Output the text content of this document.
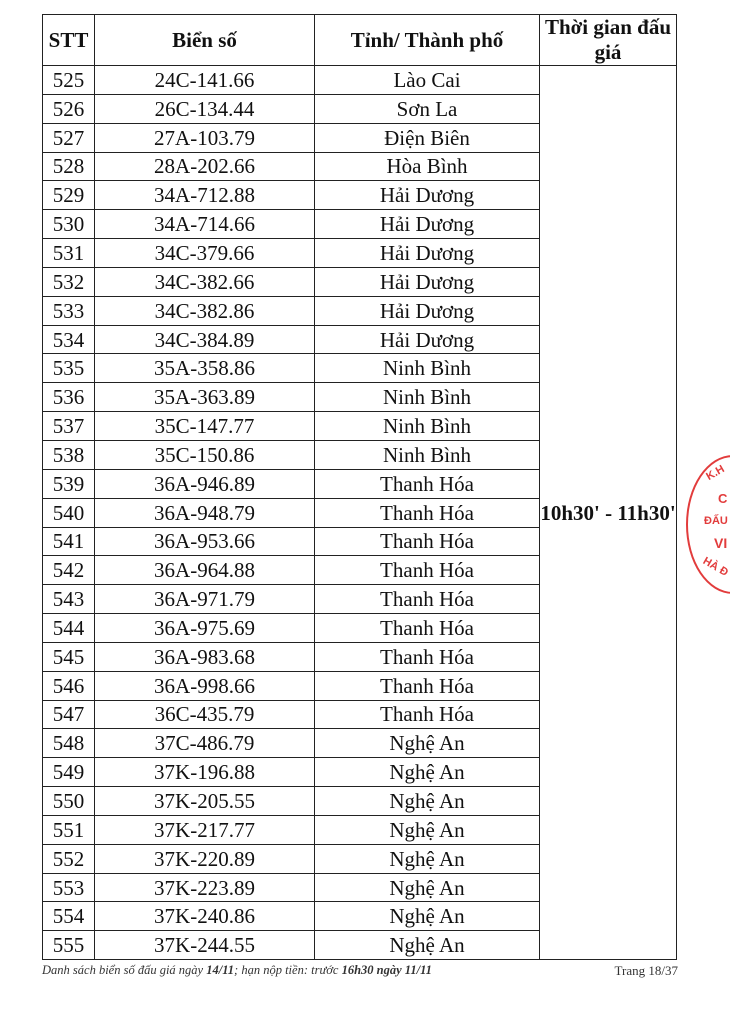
STT	Biển số	Tỉnh/ Thành phố	Thời gian đấu giá
525	24C-141.66	Lào Cai	10h30' - 11h30'
526	26C-134.44	Sơn La	
527	27A-103.79	Điện Biên	
528	28A-202.66	Hòa Bình	
529	34A-712.88	Hải Dương	
530	34A-714.66	Hải Dương	
531	34C-379.66	Hải Dương	
532	34C-382.66	Hải Dương	
533	34C-382.86	Hải Dương	
534	34C-384.89	Hải Dương	
535	35A-358.86	Ninh Bình	
536	35A-363.89	Ninh Bình	
537	35C-147.77	Ninh Bình	
538	35C-150.86	Ninh Bình	
539	36A-946.89	Thanh Hóa	
540	36A-948.79	Thanh Hóa	
541	36A-953.66	Thanh Hóa	
542	36A-964.88	Thanh Hóa	
543	36A-971.79	Thanh Hóa	
544	36A-975.69	Thanh Hóa	
545	36A-983.68	Thanh Hóa	
546	36A-998.66	Thanh Hóa	
547	36C-435.79	Thanh Hóa	
548	37C-486.79	Nghệ An	
549	37K-196.88	Nghệ An	
550	37K-205.55	Nghệ An	
551	37K-217.77	Nghệ An	
552	37K-220.89	Nghệ An	
553	37K-223.89	Nghệ An	
554	37K-240.86	Nghệ An	
555	37K-244.55	Nghệ An	
Danh sách biển số đấu giá ngày 14/11; hạn nộp tiền: trước 16h30 ngày 11/11	Trang 18/37
K.H
C
ĐẤU
VI
HÀ Đ
